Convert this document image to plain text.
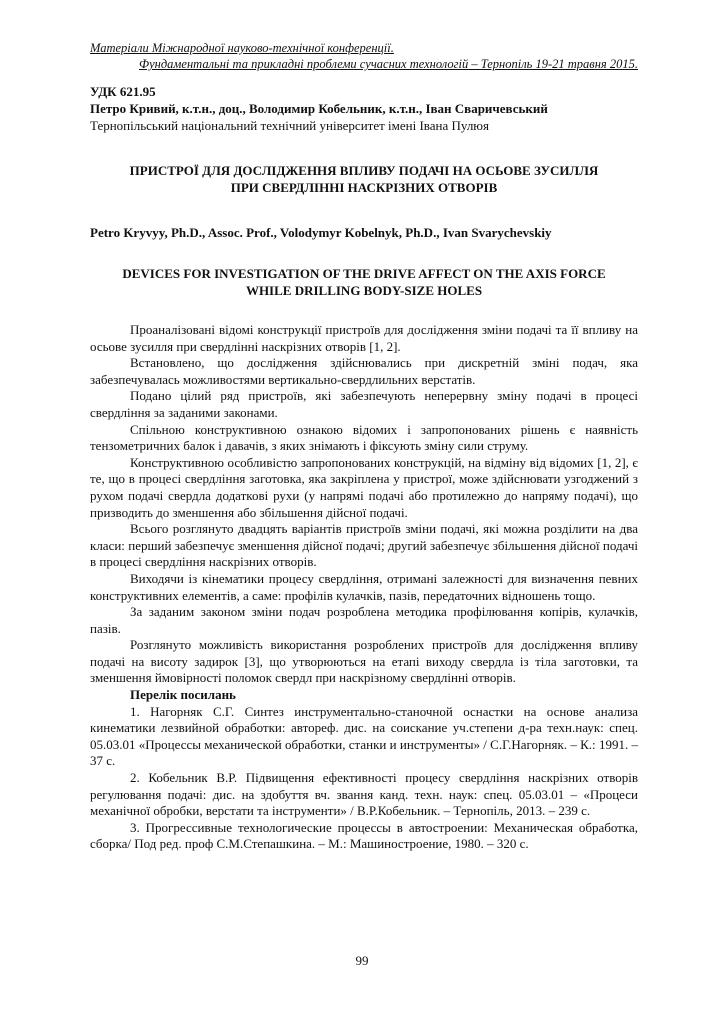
Матеріали Міжнародної науково-технічної конференції.
Фундаментальні та прикладні проблеми сучасних технологій – Тернопіль 19-21 травня 2015.
УДК 621.95
Петро Кривий, к.т.н., доц., Володимир Кобельник, к.т.н., Іван Сваричевський
Тернопільський національний технічний університет імені Івана Пулюя
ПРИСТРОЇ ДЛЯ ДОСЛІДЖЕННЯ ВПЛИВУ ПОДАЧІ НА ОСЬОВЕ ЗУСИЛЛЯ
ПРИ СВЕРДЛІННІ НАСКРІЗНИХ ОТВОРІВ
Petro Kryvyy, Ph.D., Assoc. Prof., Volodymyr Kobelnyk, Ph.D., Ivan Svarychevskiy
DEVICES FOR INVESTIGATION OF THE DRIVE AFFECT ON THE AXIS FORCE
WHILE DRILLING BODY-SIZE HOLES

Проаналізовані відомі конструкції пристроїв для дослідження зміни подачі та її впливу на осьове зусилля при свердлінні наскрізних отворів [1, 2].

Встановлено, що дослідження здійснювались при дискретній зміні подач, яка забезпечувалась можливостями вертикально-свердлильних верстатів.

Подано цілий ряд пристроїв, які забезпечують неперервну зміну подачі в процесі свердління за заданими законами.

Спільною конструктивною ознакою відомих і запропонованих рішень є наявність тензометричних балок і давачів, з яких знімають і фіксують зміну сили струму.

Конструктивною особливістю запропонованих конструкцій, на відміну від відомих [1, 2], є те, що в процесі свердління заготовка, яка закріплена у пристрої, може здійснювати узгоджений з рухом подачі свердла додаткові рухи (у напрямі подачі або протилежно до напряму подачі), що призводить до зменшення або збільшення дійсної подачі.

Всього розглянуто двадцять варіантів пристроїв зміни подачі, які можна розділити на два класи: перший забезпечує зменшення дійсної подачі; другий забезпечує збільшення дійсної подачі в процесі свердління наскрізних отворів.

Виходячи із кінематики процесу свердління, отримані залежності для визначення певних конструктивних елементів, а саме: профілів кулачків, пазів, передаточних відношень тощо.

За заданим законом зміни подач розроблена методика профілювання копірів, кулачків, пазів.

Розглянуто можливість використання розроблених пристроїв для дослідження впливу подачі на висоту задирок [3], що утворюються на етапі виходу свердла із тіла заготовки, та зменшення ймовірності поломок свердл при наскрізному свердлінні отворів.

Перелік посилань

1. Нагорняк С.Г. Синтез инструментально-станочной оснастки на основе анализа кинематики лезвийной обработки: автореф. дис. на соискание уч.степени д-ра техн.наук: спец. 05.03.01 «Процессы механической обработки, станки и инструменты» / С.Г.Нагорняк. – К.: 1991. – 37 с.

2. Кобельник В.Р. Підвищення ефективності процесу свердління наскрізних отворів регулювання подачі: дис. на здобуття вч. звання канд. техн. наук: спец. 05.03.01 – «Процеси механічної обробки, верстати та інструменти» / В.Р.Кобельник. – Тернопіль, 2013. – 239 с.

3. Прогрессивные технологические процессы в автостроении: Механическая обработка, сборка/ Под ред. проф С.М.Степашкина. – М.: Машиностроение, 1980. – 320 с.

99
